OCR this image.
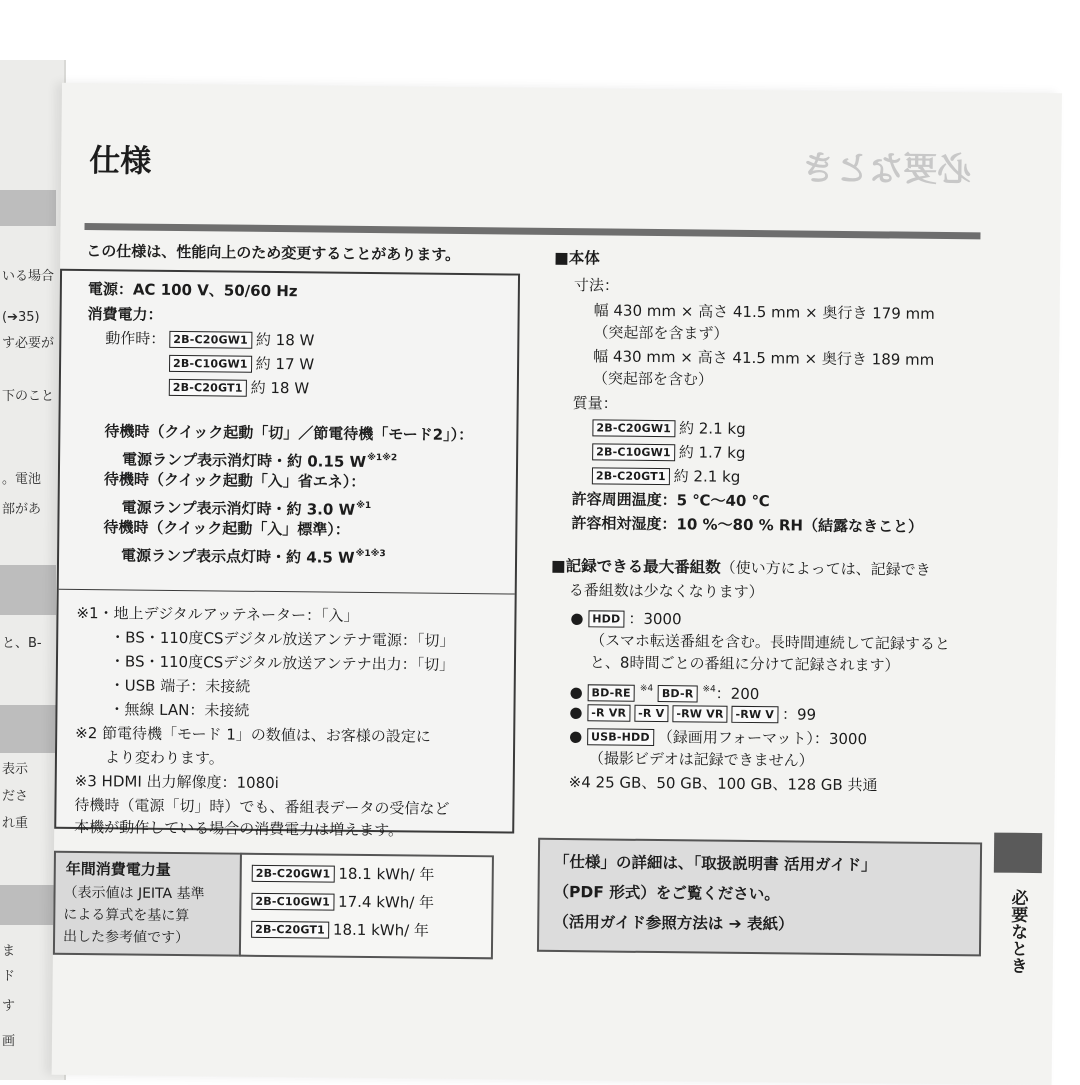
いる場合
(➔35)
す必要が
下のこと
。電池
部があ
と、B-
表示
ださ
れ重
ま
ド
す
画
仕様	必要なとき
この仕様は、性能向上のため変更することがあります。
電源：AC 100 V、50/60 Hz
消費電力：
動作時： 2B-C20GW1 約 18 W
2B-C10GW1 約 17 W
2B-C20GT1 約 18 W
待機時（クイック起動「切」／節電待機「モード2」）：
電源ランプ表示消灯時・約 0.15 $W^{※1※2}$
待機時（クイック起動「入」省エネ）：
電源ランプ表示消灯時・約 3.0 $W^{※1}$
待機時（クイック起動「入」標準）：
電源ランプ表示点灯時・約 4.5 $W^{※1※3}$
※1・地上デジタルアッテネーター：「入」
・BS・110度CSデジタル放送アンテナ電源：「切」
・BS・110度CSデジタル放送アンテナ出力：「切」
・USB 端子：未接続
・無線 LAN：未接続
※2 節電待機「モード 1」の数値は、お客様の設定に
より変わります。
※3 HDMI 出力解像度：1080i
待機時（電源「切」時）でも、番組表データの受信など
本機が動作している場合の消費電力は増えます。
年間消費電力量
（表示値は JEITA 基準
による算式を基に算
出した参考値です）
2B-C20GW1 18.1 kWh/ 年
2B-C10GW1 17.4 kWh/ 年
2B-C20GT1 18.1 kWh/ 年
■本体
寸法：
幅 430 mm × 高さ 41.5 mm × 奥行き 179 mm
（突起部を含まず）
幅 430 mm × 高さ 41.5 mm × 奥行き 189 mm
（突起部を含む）
質量：
2B-C20GW1 約 2.1 kg
2B-C10GW1 約 1.7 kg
2B-C20GT1 約 2.1 kg
許容周囲温度：5 ℃〜40 ℃
許容相対湿度：10 %〜80 % RH（結露なきこと）
■記録できる最大番組数（使い方によっては、記録でき
る番組数は少なくなります）
● HDD ：3000
（スマホ転送番組を含む。長時間連続して記録すると
と、8時間ごとの番組に分けて記録されます）
● BD-RE $^{※4}$ BD-R $^{※4}$：200
● -R VR -R V -RW VR -RW V ：99
● USB-HDD （録画用フォーマット）：3000
（撮影ビデオは記録できません）
※4 25 GB、50 GB、100 GB、128 GB 共通
「仕様」の詳細は、「取扱説明書 活用ガイド」
（PDF 形式）をご覧ください。
（活用ガイド参照方法は ➔ 表紙）	必要なとき
